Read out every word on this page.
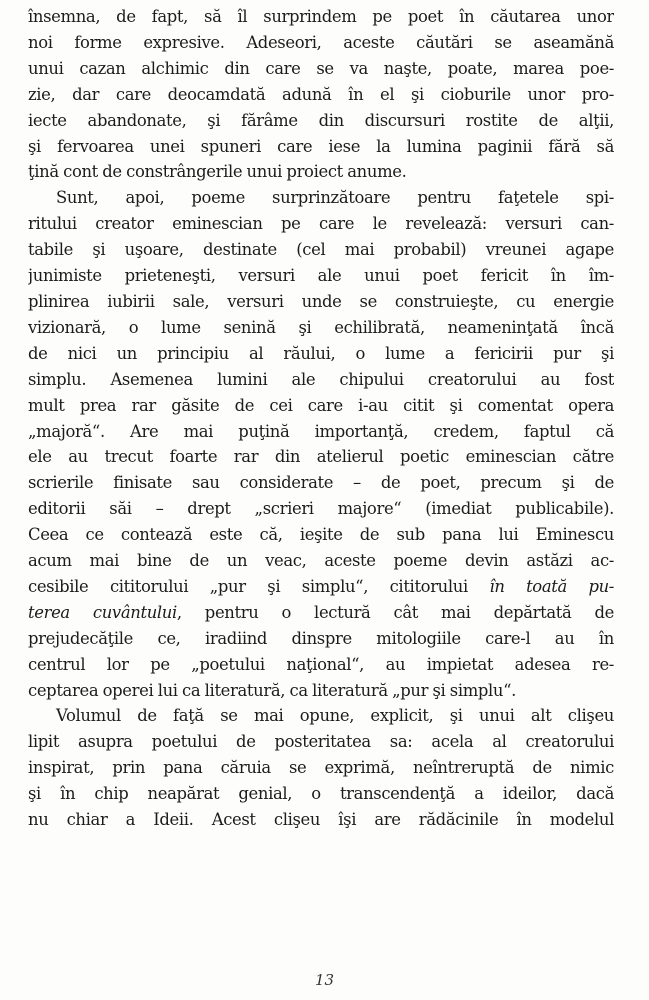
însemna, de fapt, să îl surprindem pe poet în căutarea unor
noi forme expresive. Adeseori, aceste căutări se aseamănă
unui cazan alchimic din care se va naşte, poate, marea poe-
zie, dar care deocamdată adună în el şi cioburile unor pro-
iecte abandonate, şi fărâme din discursuri rostite de alţii,
şi fervoarea unei spuneri care iese la lumina paginii fără să
ţină cont de constrângerile unui proiect anume.

Sunt, apoi, poeme surprinzătoare pentru faţetele spi-
ritului creator eminescian pe care le revelează: versuri can-
tabile şi uşoare, destinate (cel mai probabil) vreunei agape
junimiste prieteneşti, versuri ale unui poet fericit în îm-
plinirea iubirii sale, versuri unde se construieşte, cu energie
vizionară, o lume senină şi echilibrată, neameninţată încă
de nici un principiu al răului, o lume a fericirii pur şi
simplu. Asemenea lumini ale chipului creatorului au fost
mult prea rar găsite de cei care i-au citit şi comentat opera
„majoră“. Are mai puţină importanţă, credem, faptul că
ele au trecut foarte rar din atelierul poetic eminescian către
scrierile finisate sau considerate – de poet, precum şi de
editorii săi – drept „scrieri majore“ (imediat publicabile).
Ceea ce contează este că, ieşite de sub pana lui Eminescu
acum mai bine de un veac, aceste poeme devin astăzi ac-
cesibile cititorului „pur şi simplu“, cititorului în toată pu-
terea cuvântului, pentru o lectură cât mai depărtată de
prejudecăţile ce, iradiind dinspre mitologiile care-l au în
centrul lor pe „poetului naţional“, au impietat adesea re-
ceptarea operei lui ca literatură, ca literatură „pur şi simplu“.

Volumul de faţă se mai opune, explicit, şi unui alt clişeu
lipit asupra poetului de posteritatea sa: acela al creatorului
inspirat, prin pana căruia se exprimă, neîntreruptă de nimic
şi în chip neapărat genial, o transcendenţă a ideilor, dacă
nu chiar a Ideii. Acest clişeu îşi are rădăcinile în modelul

13
